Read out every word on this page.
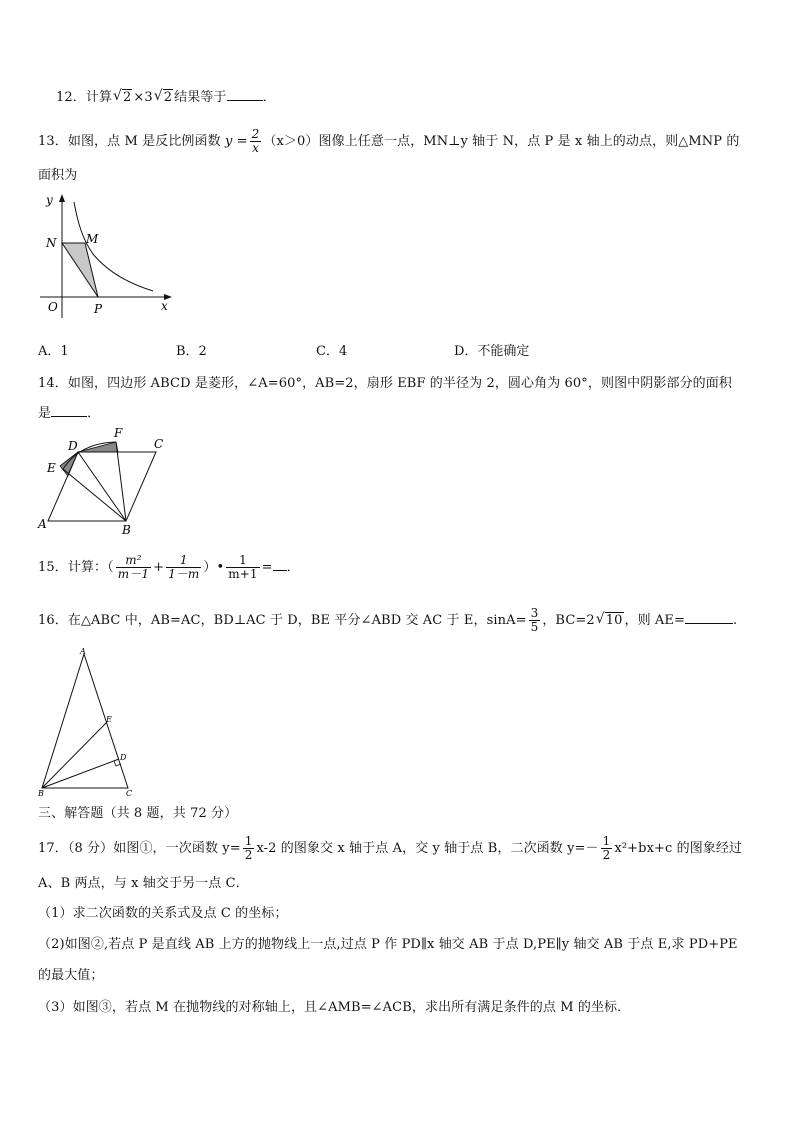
12．计算 √ 2 ×3 √ 2 结果等于	．
13．如图，点 M 是反比例函数 $y = \frac{2}{x} (x>0)$图像上任意一点，MN⊥y 轴于 N，点 P 是 x 轴上的动点，则△MNP 的
面积为
y
N M
O	P	x
A．1	B．2	C．4	D．不能确定
14．如图，四边形 ABCD 是菱形，∠A=60°，AB=2，扇形 EBF 的半径为 2，圆心角为 60°，则图中阴影部分的面积
是	．
A	B
C
D
E
F
15．计算：（ $\frac{\text{m²}}{m-1} + \frac{1}{1-m}$ ）• $\frac{1}{m+1}$ = ．
16．在△ABC 中，AB=AC，BD⊥AC 于 D，BE 平分∠ABD 交 AC 于 E，$\sin A= \frac{3}{5}$ ，BC=2 √ 10 ，则 AE=	.
A
B	C
D
E
三、解答题（共 8 题，共 72 分）
17．（8 分）如图①，一次函数 $y= \frac{1}{2} x-2$ 的图象交 x 轴于点 A，交 y 轴于点 B，二次函数 $y=- \frac{1}{2} x^2+bx+c$ 的图象经过
A、B 两点，与 x 轴交于另一点 C．
（1）求二次函数的关系式及点 C 的坐标；
（2)如图②,若点 P 是直线 AB 上方的抛物线上一点,过点 P 作 PD∥x 轴交 AB 于点 D,PE∥y 轴交 AB 于点 E,求 PD+PE
的最大值；
（3）如图③，若点 M 在抛物线的对称轴上，且∠AMB=∠ACB，求出所有满足条件的点 M 的坐标．
